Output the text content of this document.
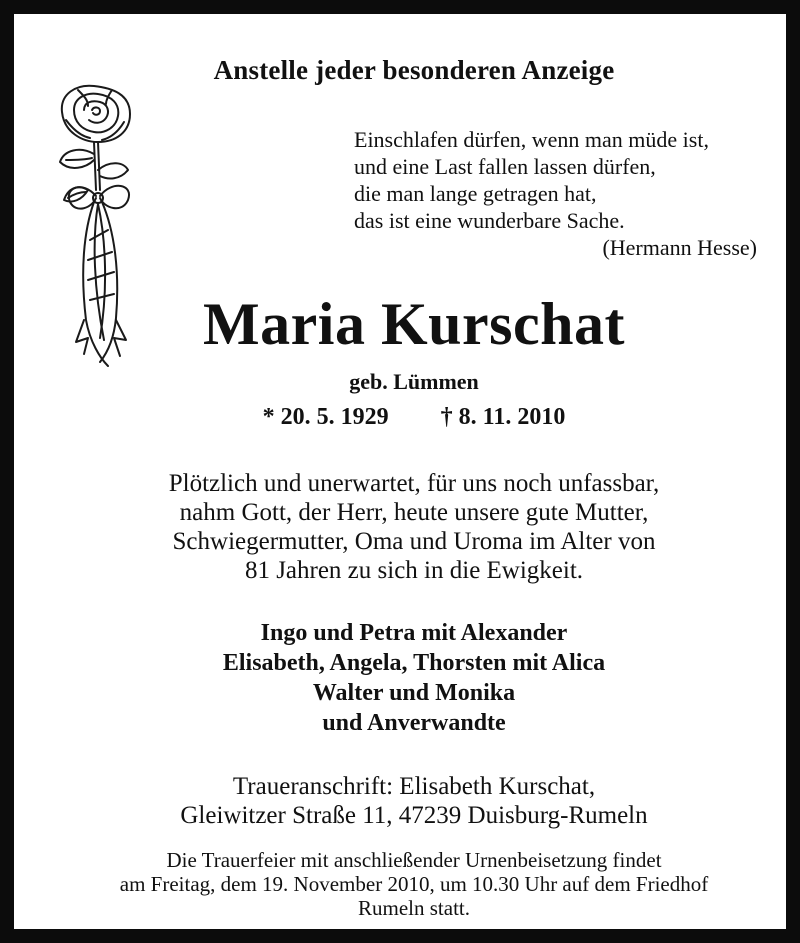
Anstelle jeder besonderen Anzeige
Einschlafen dürfen, wenn man müde ist,
und eine Last fallen lassen dürfen,
die man lange getragen hat,
das ist eine wunderbare Sache.
(Hermann Hesse)
Maria Kurschat
geb. Lümmen
* 20. 5. 1929 † 8. 11. 2010
Plötzlich und unerwartet, für uns noch unfassbar,
nahm Gott, der Herr, heute unsere gute Mutter,
Schwiegermutter, Oma und Uroma im Alter von
81 Jahren zu sich in die Ewigkeit.
Ingo und Petra mit Alexander
Elisabeth, Angela, Thorsten mit Alica
Walter und Monika
und Anverwandte
Traueranschrift: Elisabeth Kurschat,
Gleiwitzer Straße 11, 47239 Duisburg-Rumeln
Die Trauerfeier mit anschließender Urnenbeisetzung findet
am Freitag, dem 19. November 2010, um 10.30 Uhr auf dem Friedhof
Rumeln statt.
